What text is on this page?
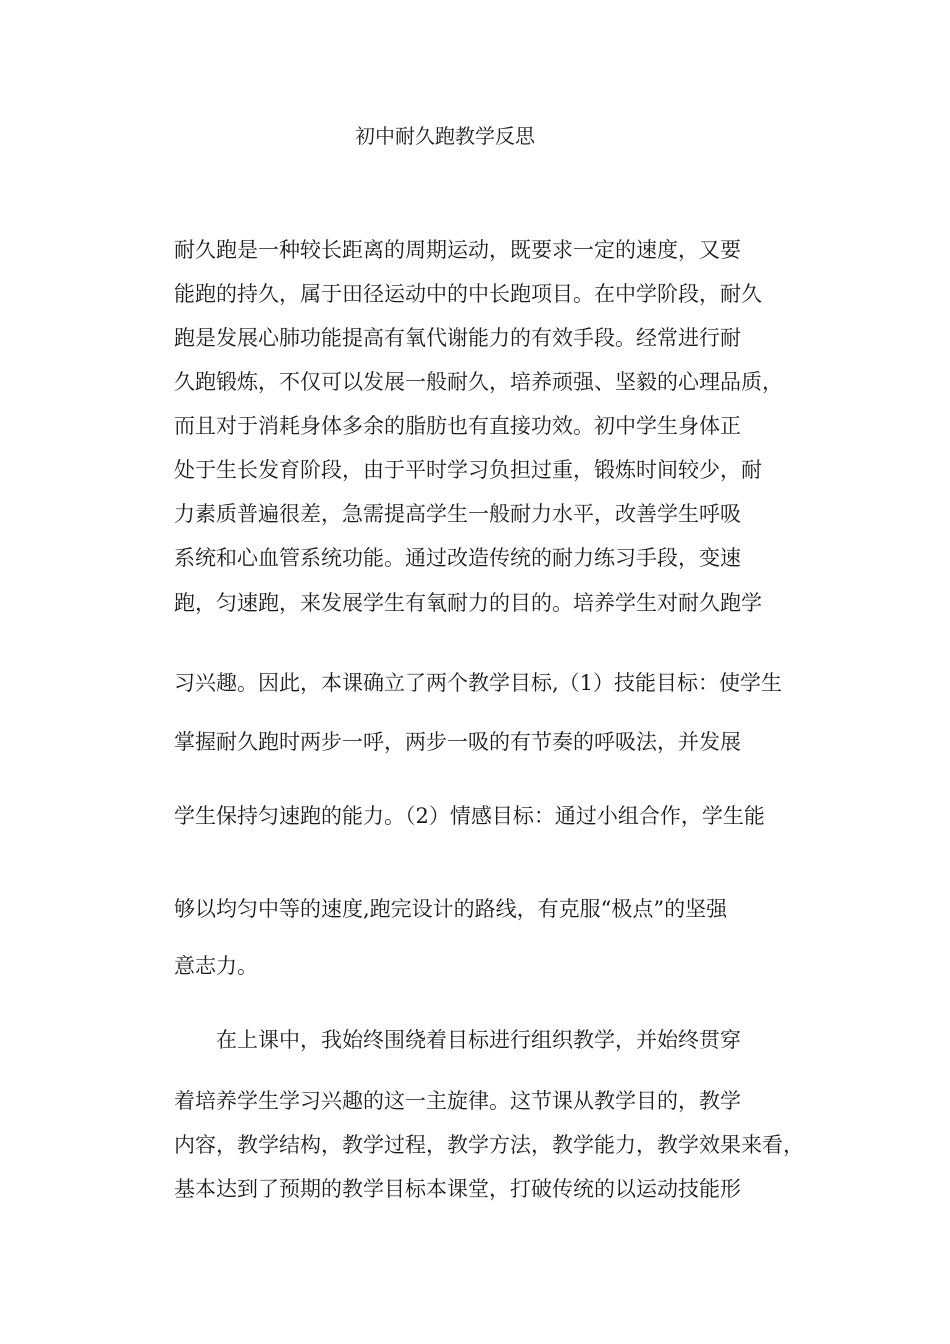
初中耐久跑教学反思
耐久跑是一种较长距离的周期运动，既要求一定的速度，又要
能跑的持久，属于田径运动中的中长跑项目。在中学阶段，耐久
跑是发展心肺功能提高有氧代谢能力的有效手段。经常进行耐
久跑锻炼，不仅可以发展一般耐久，培养顽强、坚毅的心理品质，
而且对于消耗身体多余的脂肪也有直接功效。初中学生身体正
处于生长发育阶段，由于平时学习负担过重，锻炼时间较少，耐
力素质普遍很差，急需提高学生一般耐力水平，改善学生呼吸
系统和心血管系统功能。通过改造传统的耐力练习手段，变速
跑，匀速跑，来发展学生有氧耐力的目的。培养学生对耐久跑学
习兴趣。因此，本课确立了两个教学目标,（1）技能目标：使学生
掌握耐久跑时两步一呼，两步一吸的有节奏的呼吸法，并发展
学生保持匀速跑的能力。（2）情感目标：通过小组合作，学生能
够以均匀中等的速度,跑完设计的路线，有克服“极点”的坚强
意志力。
在上课中，我始终围绕着目标进行组织教学，并始终贯穿
着培养学生学习兴趣的这一主旋律。这节课从教学目的，教学
内容，教学结构，教学过程，教学方法，教学能力，教学效果来看，
基本达到了预期的教学目标本课堂，打破传统的以运动技能形
